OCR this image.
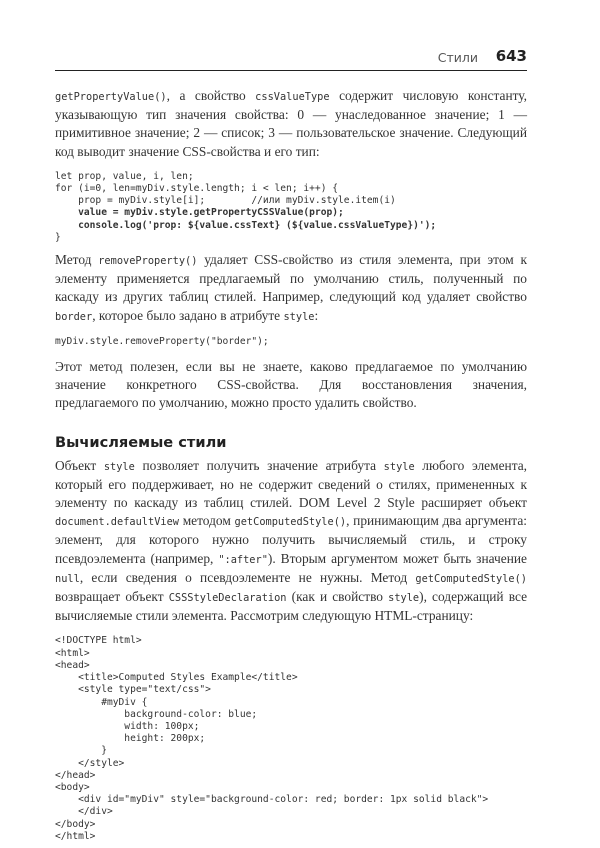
Стили 643

getPropertyValue(), а свойство cssValueType содержит числовую константу, указывающую тип значения свойства: 0 — унаследованное значение; 1 — примитивное значение; 2 — список; 3 — пользовательское значение. Следующий код выводит значение CSS-свойства и его тип:

let prop, value, i, len;
for (i=0, len=myDiv.style.length; i < len; i++) {
prop = myDiv.style[i];        //или myDiv.style.item(i)
value = myDiv.style.getPropertyCSSValue(prop);
console.log('prop: ${value.cssText} (${value.cssValueType})');
}

Метод removeProperty() удаляет CSS-свойство из стиля элемента, при этом к элементу применяется предлагаемый по умолчанию стиль, полученный по каскаду из других таблиц стилей. Например, следующий код удаляет свойство border, которое было задано в атрибуте style:

myDiv.style.removeProperty("border");

Этот метод полезен, если вы не знаете, каково предлагаемое по умолчанию значение конкретного CSS-свойства. Для восстановления значения, предлагаемого по умолчанию, можно просто удалить свойство.

Вычисляемые стили

Объект style позволяет получить значение атрибута style любого элемента, который его поддерживает, но не содержит сведений о стилях, примененных к элементу по каскаду из таблиц стилей. DOM Level 2 Style расширяет объект document.defaultView методом getComputedStyle(), принимающим два аргумента: элемент, для которого нужно получить вычисляемый стиль, и строку псевдоэлемента (например, ":after"). Вторым аргументом может быть значение null, если сведения о псевдоэлементе не нужны. Метод getComputedStyle() возвращает объект CSSStyleDeclaration (как и свойство style), содержащий все вычисляемые стили элемента. Рассмотрим следующую HTML-страницу:

<!DOCTYPE html>
<html>
<head>
<title>Computed Styles Example</title>
<style type="text/css">
#myDiv {
background-color: blue;
width: 100px;
height: 200px;
}
</style>
</head>
<body>
<div id="myDiv" style="background-color: red; border: 1px solid black">
</div>
</body>
</html>
